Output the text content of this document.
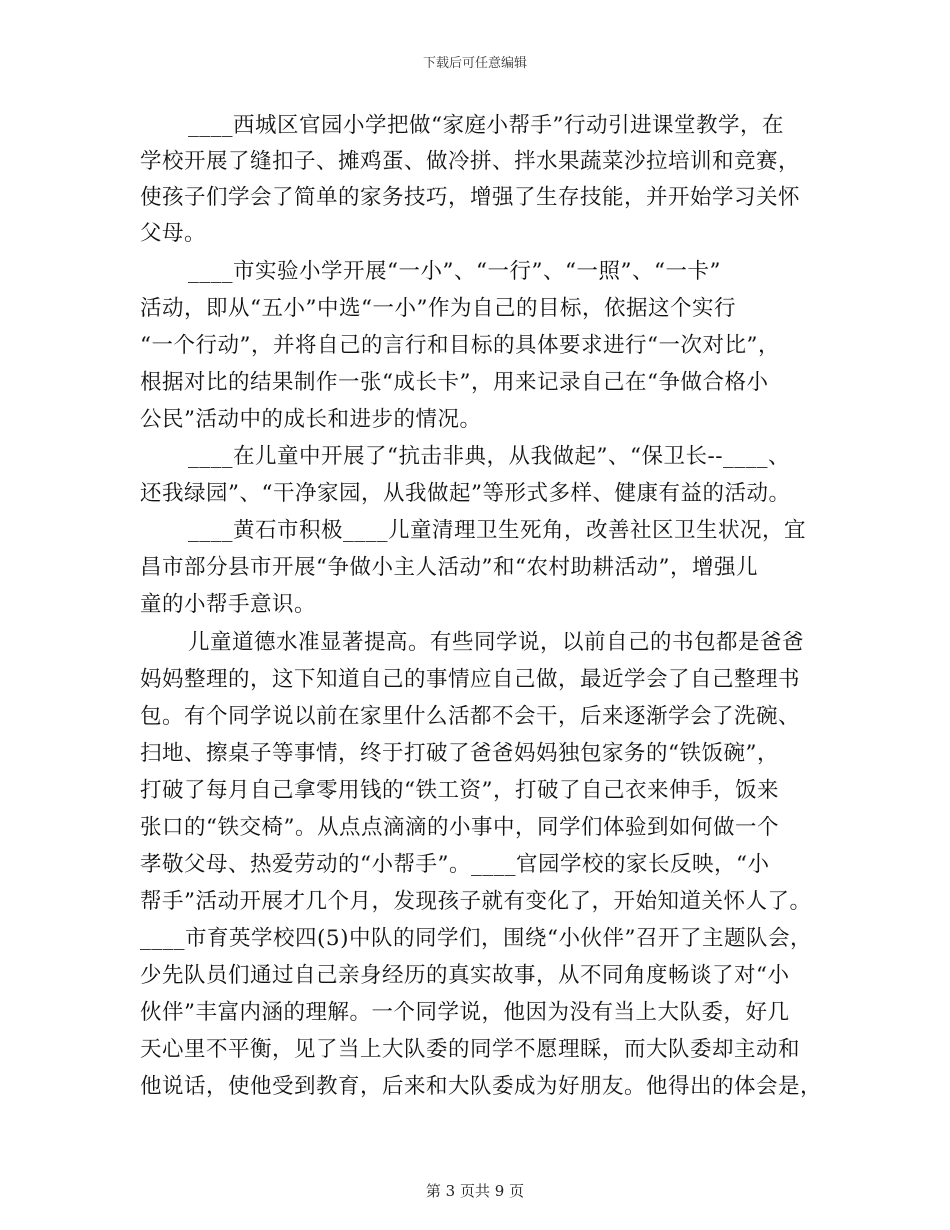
下载后可任意编辑
____西城区官园小学把做“家庭小帮手”行动引进课堂教学，在
学校开展了缝扣子、摊鸡蛋、做冷拼、拌水果蔬菜沙拉培训和竞赛，
使孩子们学会了简单的家务技巧，增强了生存技能，并开始学习关怀
父母。
____市实验小学开展“一小”、“一行”、“一照”、“一卡”
活动，即从“五小”中选“一小”作为自己的目标，依据这个实行
“一个行动”，并将自己的言行和目标的具体要求进行“一次对比”，
根据对比的结果制作一张“成长卡”，用来记录自己在“争做合格小
公民”活动中的成长和进步的情况。
____在儿童中开展了“抗击非典，从我做起”、“保卫长--____、
还我绿园”、“干净家园，从我做起”等形式多样、健康有益的活动。
____黄石市积极____儿童清理卫生死角，改善社区卫生状况，宜
昌市部分县市开展“争做小主人活动”和“农村助耕活动”，增强儿
童的小帮手意识。
儿童道德水准显著提高。有些同学说，以前自己的书包都是爸爸
妈妈整理的，这下知道自己的事情应自己做，最近学会了自己整理书
包。有个同学说以前在家里什么活都不会干，后来逐渐学会了洗碗、
扫地、擦桌子等事情，终于打破了爸爸妈妈独包家务的“铁饭碗”，
打破了每月自己拿零用钱的“铁工资”，打破了自己衣来伸手，饭来
张口的“铁交椅”。从点点滴滴的小事中，同学们体验到如何做一个
孝敬父母、热爱劳动的“小帮手”。____官园学校的家长反映，“小
帮手”活动开展才几个月，发现孩子就有变化了，开始知道关怀人了。
____市育英学校四(5)中队的同学们，围绕“小伙伴”召开了主题队会，
少先队员们通过自己亲身经历的真实故事，从不同角度畅谈了对“小
伙伴”丰富内涵的理解。一个同学说，他因为没有当上大队委，好几
天心里不平衡，见了当上大队委的同学不愿理睬，而大队委却主动和
他说话，使他受到教育，后来和大队委成为好朋友。他得出的体会是，
第 3 页共 9 页
